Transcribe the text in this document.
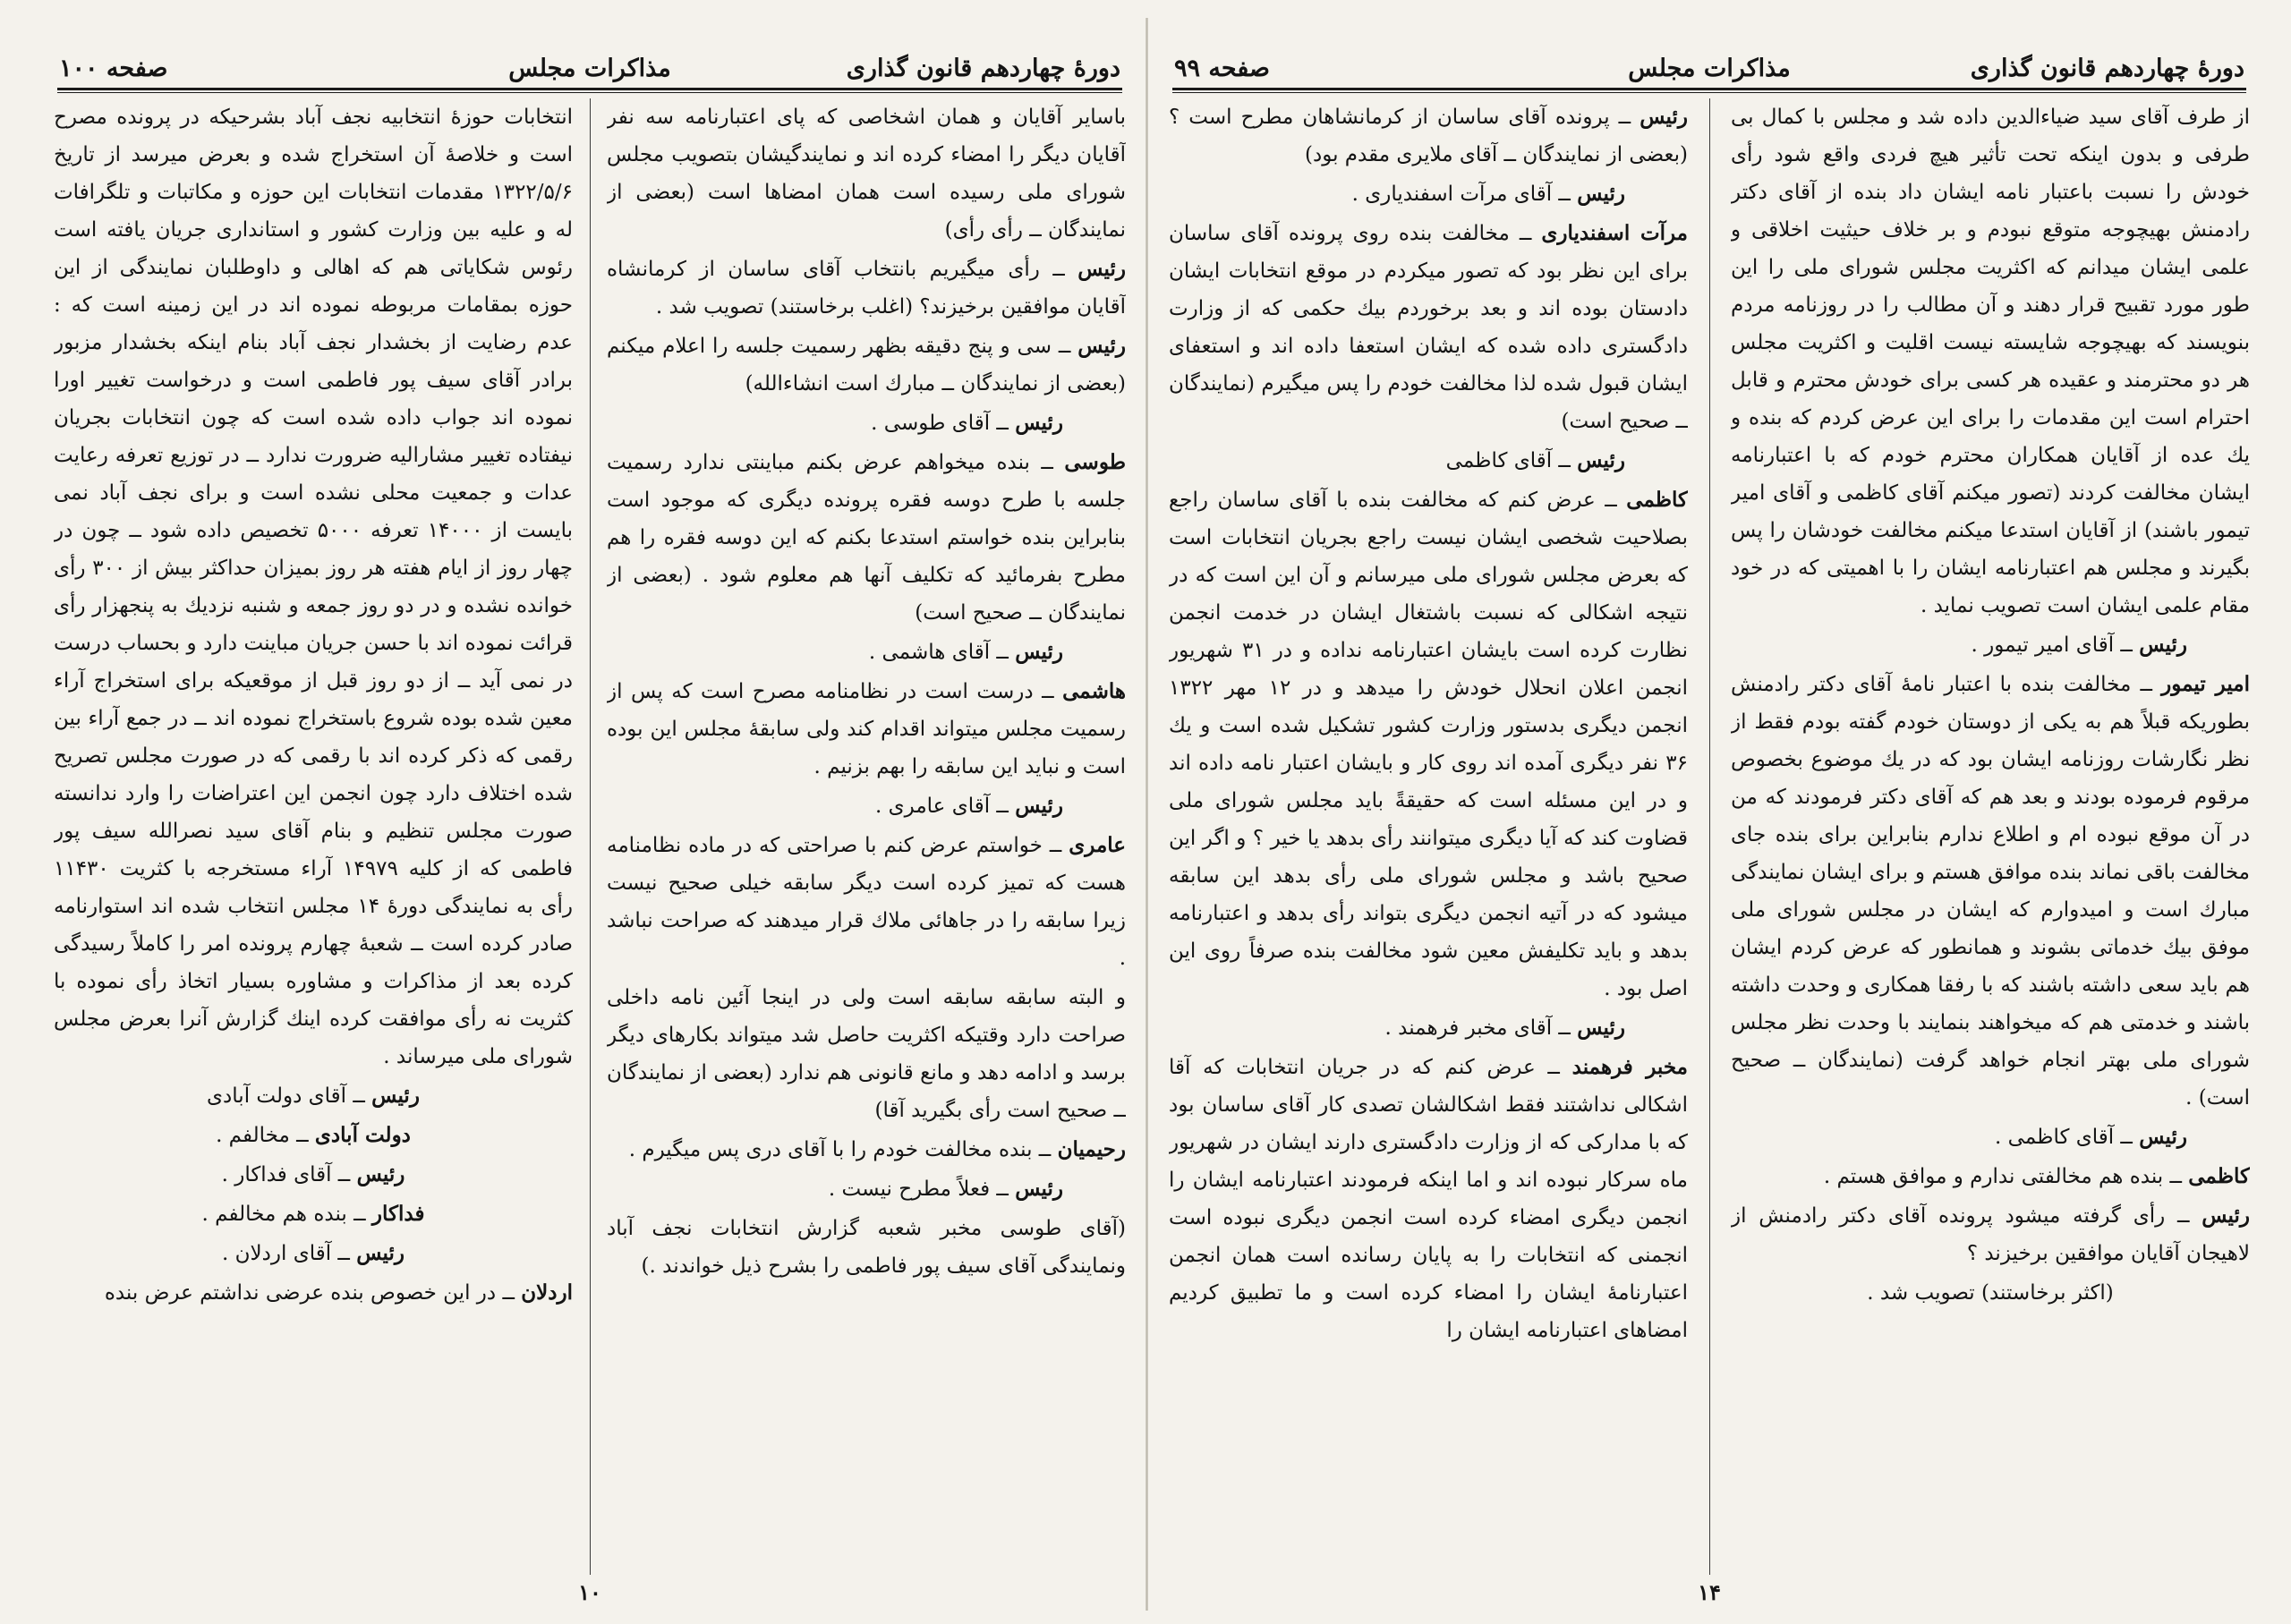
دورهٔ چهاردهم قانون گذاری
مذاکرات مجلس
صفحه ۱۰۰

باسایر آقایان و همان اشخاصی که پای اعتبارنامه سه نفر آقایان دیگر را امضاء کرده اند و نمایندگیشان بتصویب مجلس شورای ملی رسیده است همان امضاها است (بعضی از نمایندگان ــ رأی رأی)

رئیس ــ رأی میگیریم بانتخاب آقای ساسان از کرمانشاه آقایان موافقین برخیزند؟ (اغلب برخاستند) تصویب شد .

رئیس ــ سی و پنج دقیقه بظهر رسمیت جلسه را اعلام میکنم (بعضی از نمایندگان ــ مبارك است انشاءالله)

رئیس ــ آقای طوسی .

طوسی ــ بنده میخواهم عرض بکنم مباینتی ندارد رسمیت جلسه با طرح دوسه فقره پرونده دیگری که موجود است بنابراین بنده خواستم استدعا بکنم که این دوسه فقره را هم مطرح بفرمائید که تکلیف آنها هم معلوم شود . (بعضی از نمایندگان ــ صحیح است)

رئیس ــ آقای هاشمی .

هاشمی ــ درست است در نظامنامه مصرح است که پس از رسمیت مجلس میتواند اقدام کند ولی سابقهٔ مجلس این بوده است و نباید این سابقه را بهم بزنیم .

رئیس ــ آقای عامری .

عامری ــ خواستم عرض کنم با صراحتی که در ماده نظامنامه هست که تمیز کرده است دیگر سابقه خیلی صحیح نیست زیرا سابقه را در جاهائی ملاك قرار میدهند که صراحت نباشد .

و البته سابقه سابقه است ولی در اینجا آئین نامه داخلی صراحت دارد وقتیکه اکثریت حاصل شد میتواند بکارهای دیگر برسد و ادامه دهد و مانع قانونی هم ندارد (بعضی از نمایندگان ــ صحیح است رأی بگیرید آقا)

رحیمیان ــ بنده مخالفت خودم را با آقای دری پس میگیرم .

رئیس ــ فعلاً مطرح نیست .

(آقای طوسی مخبر شعبه گزارش انتخابات نجف آباد ونمایندگی آقای سیف پور فاطمی را بشرح ذیل خواندند .)

انتخابات حوزهٔ انتخابیه نجف آباد بشرحیکه در پرونده مصرح است و خلاصهٔ آن استخراج شده و بعرض میرسد از تاریخ ۱۳۲۲/۵/۶ مقدمات انتخابات این حوزه و مکاتبات و تلگرافات له و علیه بین وزارت کشور و استانداری جریان یافته است رئوس شکایاتی هم که اهالی و داوطلبان نمایندگی از این حوزه بمقامات مربوطه نموده اند در این زمینه است که : عدم رضایت از بخشدار نجف آباد بنام اینکه بخشدار مزبور برادر آقای سیف پور فاطمی است و درخواست تغییر اورا نموده اند جواب داده شده است که چون انتخابات بجریان نیفتاده تغییر مشارالیه ضرورت ندارد ــ در توزیع تعرفه رعایت عدات و جمعیت محلی نشده است و برای نجف آباد نمی بایست از ۱۴۰۰۰ تعرفه ۵۰۰۰ تخصیص داده شود ــ چون در چهار روز از ایام هفته هر روز بمیزان حداکثر بیش از ۳۰۰ رأی خوانده نشده و در دو روز جمعه و شنبه نزدیك به پنجهزار رأی قرائت نموده اند با حسن جریان مباینت دارد و بحساب درست در نمی آید ــ از دو روز قبل از موقعیکه برای استخراج آراء معین شده بوده شروع باستخراج نموده اند ــ در جمع آراء بین رقمی که ذکر کرده اند با رقمی که در صورت مجلس تصریح شده اختلاف دارد چون انجمن این اعتراضات را وارد ندانسته صورت مجلس تنظیم و بنام آقای سید نصرالله سیف پور فاطمی که از کلیه ۱۴۹۷۹ آراء مستخرجه با کثریت ۱۱۴۳۰ رأی به نمایندگی دورهٔ ۱۴ مجلس انتخاب شده اند استوارنامه صادر کرده است ــ شعبهٔ چهارم پرونده امر را کاملاً رسیدگی کرده بعد از مذاکرات و مشاوره بسیار اتخاذ رأی نموده با کثریت نه رأی موافقت کرده اینك گزارش آنرا بعرض مجلس شورای ملی میرساند .

رئیس ــ آقای دولت آبادی

دولت آبادی ــ مخالفم .

رئیس ــ آقای فداکار .

فداکار ــ بنده هم مخالفم .

رئیس ــ آقای اردلان .

اردلان ــ در این خصوص بنده عرضی نداشتم عرض بنده

۱۰
دورهٔ چهاردهم قانون گذاری
مذاکرات مجلس
صفحه ۹۹

از طرف آقای سید ضیاءالدین داده شد و مجلس با کمال بی طرفی و بدون اینکه تحت تأثیر هیچ فردی واقع شود رأی خودش را نسبت باعتبار نامه ایشان داد بنده از آقای دکتر رادمنش بهیچوجه متوقع نبودم و بر خلاف حیثیت اخلاقی و علمی ایشان میدانم که اکثریت مجلس شورای ملی را این طور مورد تقبیح قرار دهند و آن مطالب را در روزنامه مردم بنویسند که بهیچوجه شایسته نیست اقلیت و اکثریت مجلس هر دو محترمند و عقیده هر کسی برای خودش محترم و قابل احترام است این مقدمات را برای این عرض کردم که بنده و یك عده از آقایان همکاران محترم خودم که با اعتبارنامه ایشان مخالفت کردند (تصور میکنم آقای کاظمی و آقای امیر تیمور باشند) از آقایان استدعا میکنم مخالفت خودشان را پس بگیرند و مجلس هم اعتبارنامه ایشان را با اهمیتی که در خود مقام علمی ایشان است تصویب نماید .

رئیس ــ آقای امیر تیمور .

امیر تیمور ــ مخالفت بنده با اعتبار نامهٔ آقای دکتر رادمنش بطوریکه قبلاً هم به یکی از دوستان خودم گفته بودم فقط از نظر نگارشات روزنامه ایشان بود که در یك موضوع بخصوص مرقوم فرموده بودند و بعد هم که آقای دکتر فرمودند که من در آن موقع نبوده ام و اطلاع ندارم بنابراین برای بنده جای مخالفت باقی نماند بنده موافق هستم و برای ایشان نمایندگی مبارك است و امیدوارم که ایشان در مجلس شورای ملی موفق بیك خدماتی بشوند و همانطور که عرض کردم ایشان هم باید سعی داشته باشند که با رفقا همکاری و وحدت داشته باشند و خدمتی هم که میخواهند بنمایند با وحدت نظر مجلس شورای ملی بهتر انجام خواهد گرفت (نمایندگان ــ صحیح است) .

رئیس ــ آقای کاظمی .

کاظمی ــ بنده هم مخالفتی ندارم و موافق هستم .

رئیس ــ رأی گرفته میشود پرونده آقای دکتر رادمنش از لاهیجان آقایان موافقین برخیزند ؟

(اکثر برخاستند) تصویب شد .

رئیس ــ پرونده آقای ساسان از کرمانشاهان مطرح است ؟ (بعضی از نمایندگان ــ آقای ملایری مقدم بود)

رئیس ــ آقای مرآت اسفندیاری .

مرآت اسفندیاری ــ مخالفت بنده روی پرونده آقای ساسان برای این نظر بود که تصور میکردم در موقع انتخابات ایشان دادستان بوده اند و بعد برخوردم بیك حکمی که از وزارت دادگستری داده شده که ایشان استعفا داده اند و استعفای ایشان قبول شده لذا مخالفت خودم را پس میگیرم (نمایندگان ــ صحیح است)

رئیس ــ آقای کاظمی

کاظمی ــ عرض کنم که مخالفت بنده با آقای ساسان راجع بصلاحیت شخصی ایشان نیست راجع بجریان انتخابات است که بعرض مجلس شورای ملی میرسانم و آن این است که در نتیجه اشکالی که نسبت باشتغال ایشان در خدمت انجمن نظارت کرده است بایشان اعتبارنامه نداده و در ۳۱ شهریور انجمن اعلان انحلال خودش را میدهد و در ۱۲ مهر ۱۳۲۲ انجمن دیگری بدستور وزارت کشور تشکیل شده است و یك ۳۶ نفر دیگری آمده اند روی کار و بایشان اعتبار نامه داده اند و در این مسئله است که حقیقةً باید مجلس شورای ملی قضاوت کند که آیا دیگری میتوانند رأی بدهد یا خیر ؟ و اگر این صحیح باشد و مجلس شورای ملی رأی بدهد این سابقه میشود که در آتیه انجمن دیگری بتواند رأی بدهد و اعتبارنامه بدهد و باید تکلیفش معین شود مخالفت بنده صرفاً روی این اصل بود .

رئیس ــ آقای مخبر فرهمند .

مخبر فرهمند ــ عرض کنم که در جریان انتخابات که آقا اشکالی نداشتند فقط اشکالشان تصدی کار آقای ساسان بود که با مدارکی که از وزارت دادگستری دارند ایشان در شهریور ماه سرکار نبوده اند و اما اینکه فرمودند اعتبارنامه ایشان را انجمن دیگری امضاء کرده است انجمن دیگری نبوده است انجمنی که انتخابات را به پایان رسانده است همان انجمن اعتبارنامهٔ ایشان را امضاء کرده است و ما تطبیق کردیم امضاهای اعتبارنامه ایشان را

۱۴
